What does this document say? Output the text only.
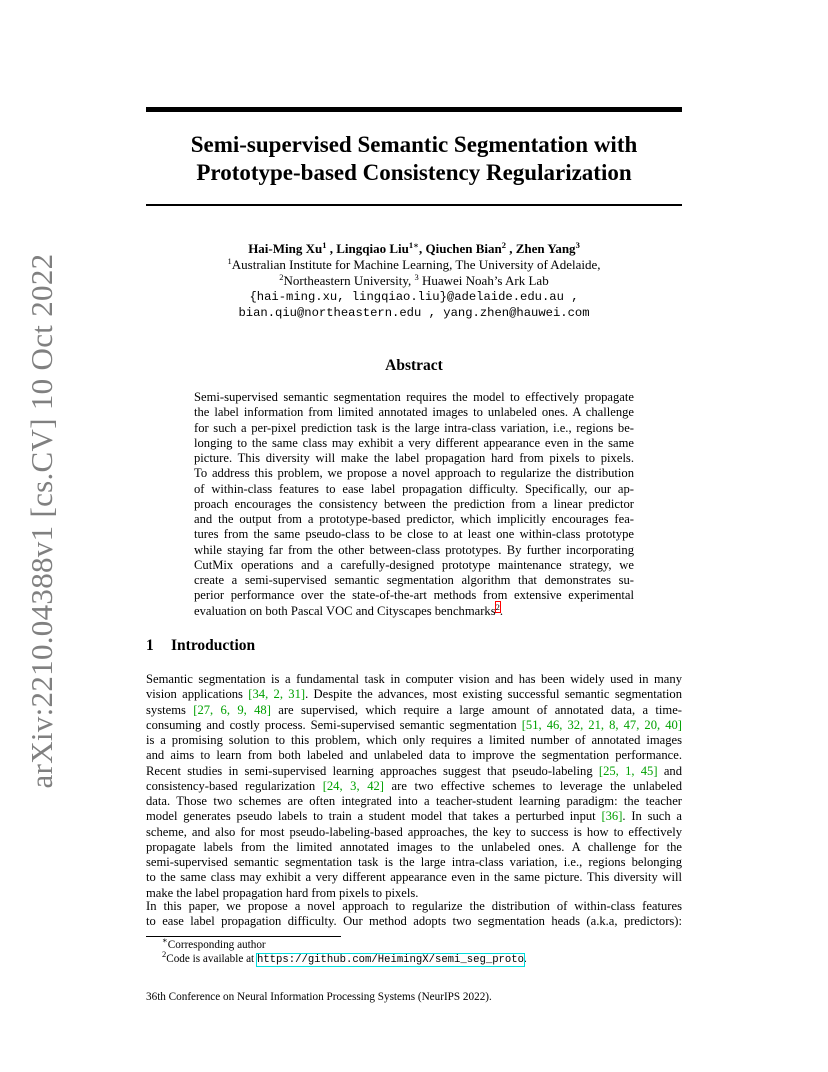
arXiv:2210.04388v1 [cs.CV] 10 Oct 2022
Semi-supervised Semantic Segmentation with
Prototype-based Consistency Regularization
Hai-Ming Xu$^1$ , Lingqiao Liu$^{1∗}$, Qiuchen Bian$^2$ , Zhen Yang$^3$
$^1$Australian Institute for Machine Learning, The University of Adelaide,
$^2$Northeastern University, $^3$ Huawei Noah’s Ark Lab
{hai-ming.xu, lingqiao.liu}@adelaide.edu.au ,
bian.qiu@northeastern.edu , yang.zhen@hauwei.com
Abstract
Semi-supervised semantic segmentation requires the model to effectively propagate
the label information from limited annotated images to unlabeled ones. A challenge
for such a per-pixel prediction task is the large intra-class variation, i.e., regions be-
longing to the same class may exhibit a very different appearance even in the same
picture. This diversity will make the label propagation hard from pixels to pixels.
To address this problem, we propose a novel approach to regularize the distribution
of within-class features to ease label propagation difficulty. Specifically, our ap-
proach encourages the consistency between the prediction from a linear predictor
and the output from a prototype-based predictor, which implicitly encourages fea-
tures from the same pseudo-class to be close to at least one within-class prototype
while staying far from the other between-class prototypes. By further incorporating
CutMix operations and a carefully-designed prototype maintenance strategy, we
create a semi-supervised semantic segmentation algorithm that demonstrates su-
perior performance over the state-of-the-art methods from extensive experimental
evaluation on both Pascal VOC and Cityscapes benchmarks$^2$.
1 Introduction
Semantic segmentation is a fundamental task in computer vision and has been widely used in many
vision applications [34, 2, 31]. Despite the advances, most existing successful semantic segmentation
systems [27, 6, 9, 48] are supervised, which require a large amount of annotated data, a time-
consuming and costly process. Semi-supervised semantic segmentation [51, 46, 32, 21, 8, 47, 20, 40]
is a promising solution to this problem, which only requires a limited number of annotated images
and aims to learn from both labeled and unlabeled data to improve the segmentation performance.
Recent studies in semi-supervised learning approaches suggest that pseudo-labeling [25, 1, 45] and
consistency-based regularization [24, 3, 42] are two effective schemes to leverage the unlabeled
data. Those two schemes are often integrated into a teacher-student learning paradigm: the teacher
model generates pseudo labels to train a student model that takes a perturbed input [36]. In such a
scheme, and also for most pseudo-labeling-based approaches, the key to success is how to effectively
propagate labels from the limited annotated images to the unlabeled ones. A challenge for the
semi-supervised semantic segmentation task is the large intra-class variation, i.e., regions belonging
to the same class may exhibit a very different appearance even in the same picture. This diversity will
make the label propagation hard from pixels to pixels.
In this paper, we propose a novel approach to regularize the distribution of within-class features
to ease label propagation difficulty. Our method adopts two segmentation heads (a.k.a, predictors):
∗Corresponding author
$^2$Code is available at https://github.com/HeimingX/semi_seg_proto.
36th Conference on Neural Information Processing Systems (NeurIPS 2022).
